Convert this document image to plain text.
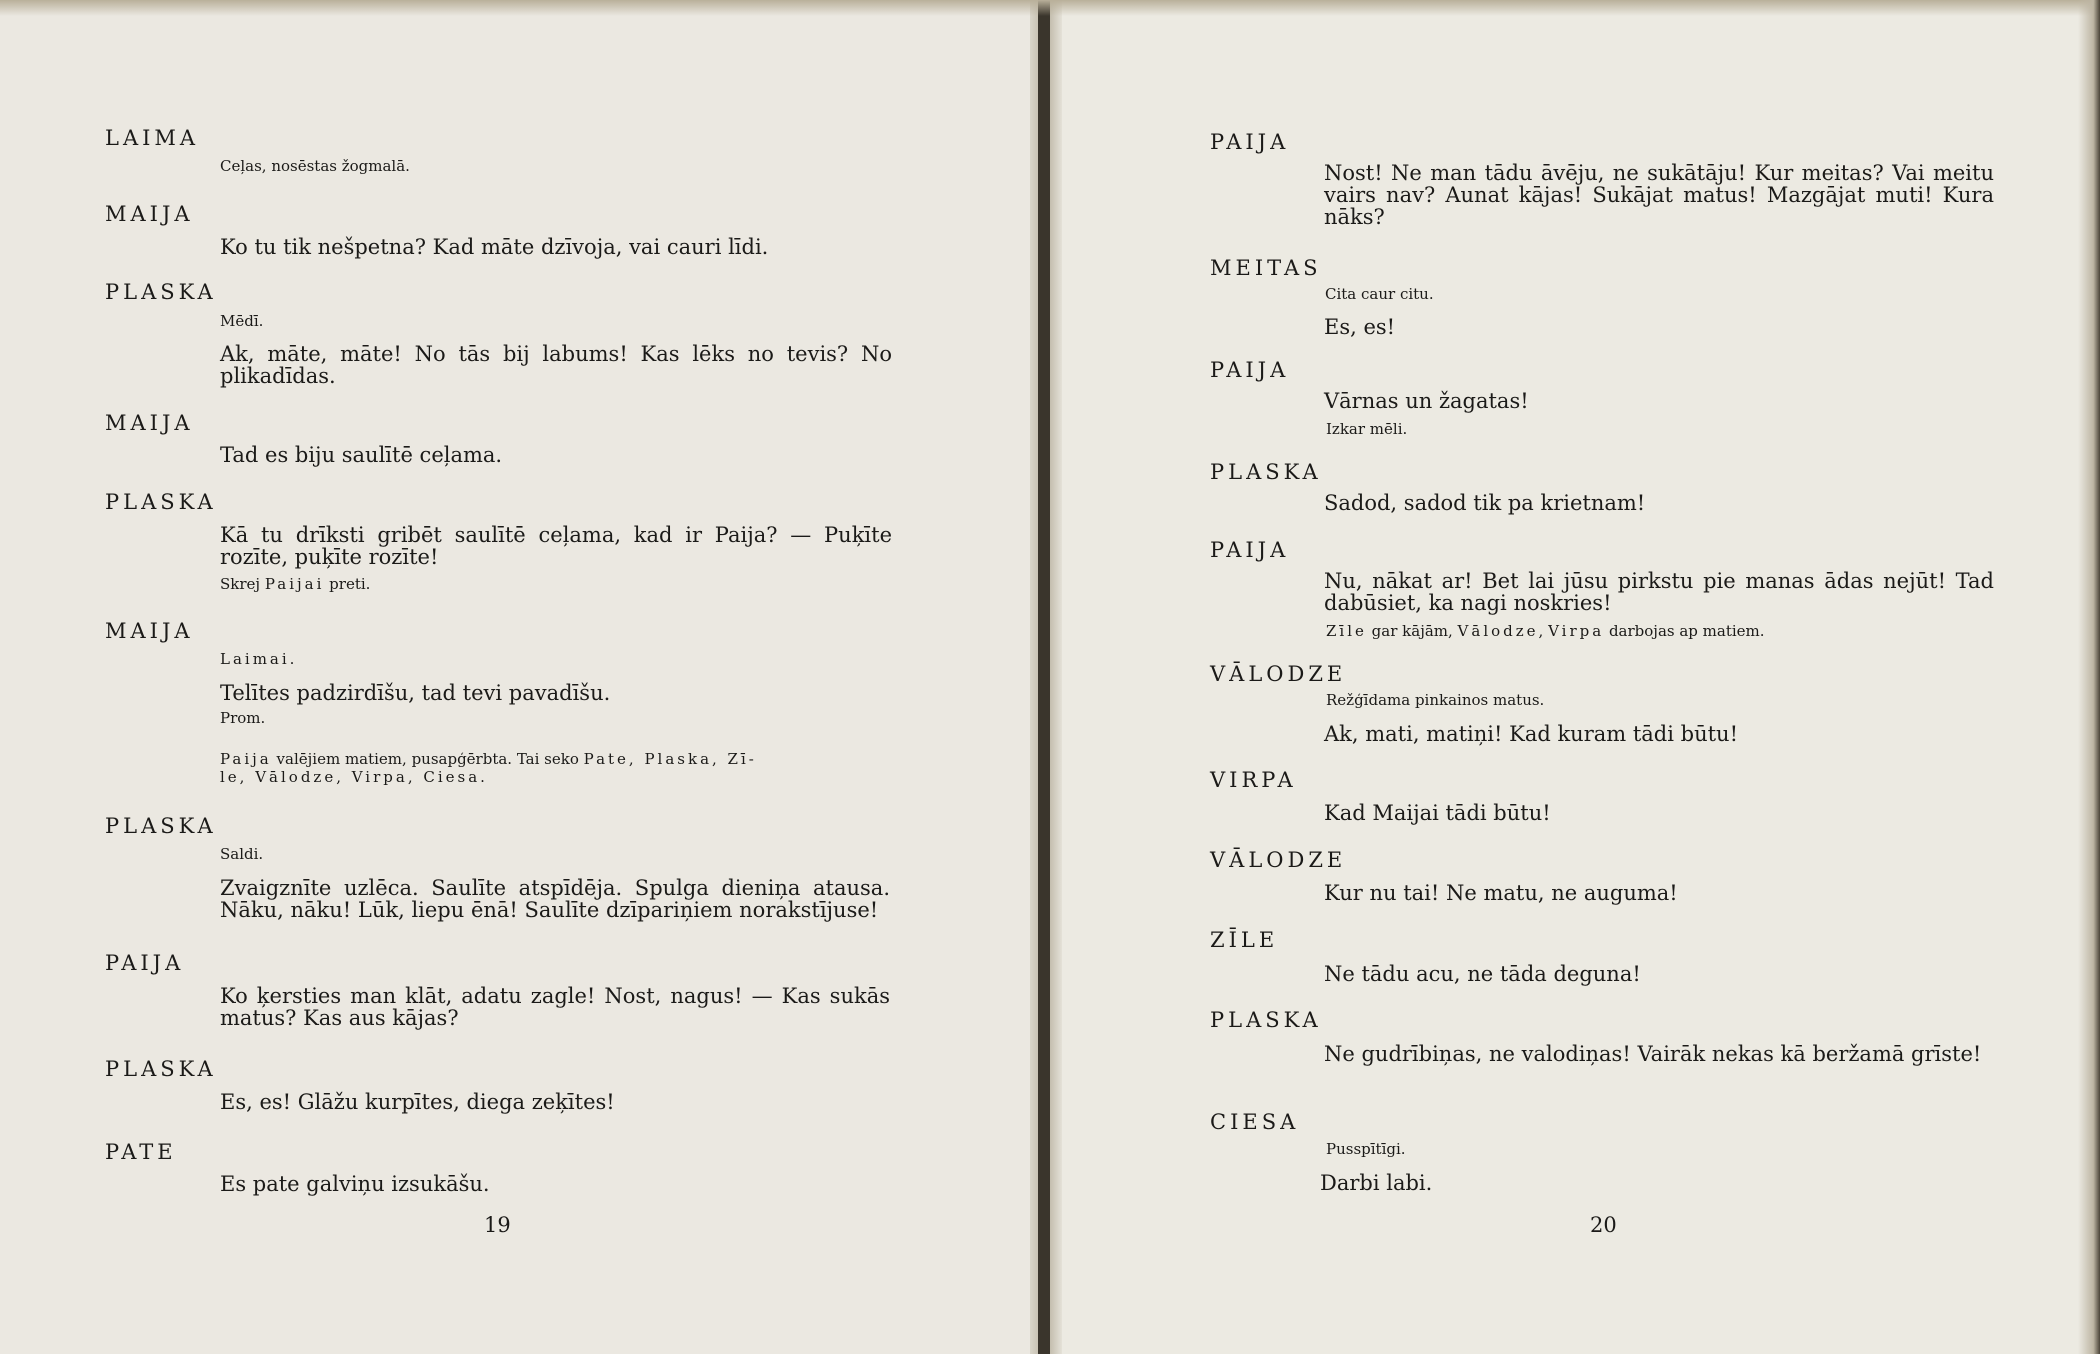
LAIMA
Ceļas, nosēstas žogmalā.
MAIJA
Ko tu tik nešpetna? Kad māte dzīvoja, vai cauri līdi.
PLASKA
Mēdī.
Ak, māte, māte! No tās bij labums! Kas lēks no tevis? No plikadīdas.
MAIJA
Tad es biju saulītē ceļama.
PLASKA
Kā tu drīksti gribēt saulītē ceļama, kad ir Paija? — Puķīte rozīte, puķīte rozīte!
Skrej Paijai preti.
MAIJA
Laimai.
Telītes padzirdīšu, tad tevi pavadīšu.
Prom.
Paija valējiem matiem, pusapģērbta. Tai seko Pate, Plaska, Zī-
le, Vālodze, Virpa, Ciesa.
PLASKA
Saldi.
Zvaigznīte uzlēca. Saulīte atspīdēja. Spulga dieniņa atausa. Nāku, nāku! Lūk, liepu ēnā! Saulīte dzīpariņiem norakstījuse!
PAIJA
Ko ķersties man klāt, adatu zagle! Nost, nagus! — Kas sukās matus? Kas aus kājas?
PLASKA
Es, es! Glāžu kurpītes, diega zeķītes!
PATE
Es pate galviņu izsukāšu.
19
PAIJA
Nost! Ne man tādu āvēju, ne sukātāju! Kur meitas? Vai meitu vairs nav? Aunat kājas! Sukājat matus! Mazgājat muti! Kura nāks?
MEITAS
Cita caur citu.
Es, es!
PAIJA
Vārnas un žagatas!
Izkar mēli.
PLASKA
Sadod, sadod tik pa krietnam!
PAIJA
Nu, nākat ar! Bet lai jūsu pirkstu pie manas ādas nejūt! Tad dabūsiet, ka nagi noskries!
Zīle gar kājām, Vālodze, Virpa darbojas ap matiem.
VĀLODZE
Režģīdama pinkainos matus.
Ak, mati, matiņi! Kad kuram tādi būtu!
VIRPA
Kad Maijai tādi būtu!
VĀLODZE
Kur nu tai! Ne matu, ne auguma!
ZĪLE
Ne tādu acu, ne tāda deguna!
PLASKA
Ne gudrībiņas, ne valodiņas! Vairāk nekas kā beržamā grīste!
CIESA
Pusspītīgi.
Darbi labi.
20
